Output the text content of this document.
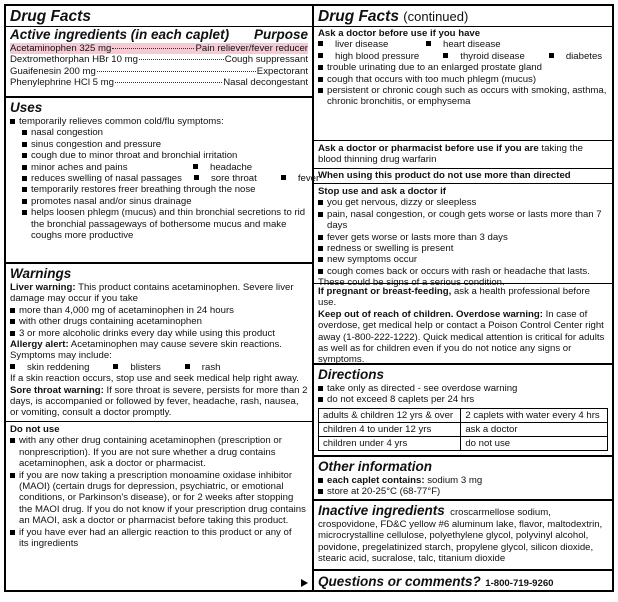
Drug Facts
Active ingredients (in each caplet) Purpose
Acetaminophen 325 mg	Pain reliever/fever reducer
Dextromethorphan HBr 10 mg	Cough suppressant
Guaifenesin 200 mg	Expectorant
Phenylephrine HCl 5 mg	Nasal decongestant
Uses

temporarily relieves common cold/flu symptoms:

nasal congestion

sinus congestion and pressure

cough due to minor throat and bronchial irritation

minor aches and pains	headache

reduces swelling of nasal passages	sore throat	fever

temporarily restores freer breathing through the nose

promotes nasal and/or sinus drainage

helps loosen phlegm (mucus) and thin bronchial secretions to rid the bronchial passageways of bothersome mucus and make coughs more productive

Warnings

Liver warning: This product contains acetaminophen. Severe liver damage may occur if you take

more than 4,000 mg of acetaminophen in 24 hours

with other drugs containing acetaminophen

3 or more alcoholic drinks every day while using this product

Allergy alert: Acetaminophen may cause severe skin reactions. Symptoms may include:

skin reddening	blisters	rash

If a skin reaction occurs, stop use and seek medical help right away.

Sore throat warning: If sore throat is severe, persists for more than 2 days, is accompanied or followed by fever, headache, rash, nausea, or vomiting, consult a doctor promptly.

Do not use

with any other drug containing acetaminophen (prescription or nonprescription). If you are not sure whether a drug contains acetaminophen, ask a doctor or pharmacist.

if you are now taking a prescription monoamine oxidase inhibitor (MAOI) (certain drugs for depression, psychiatric, or emotional conditions, or Parkinson's disease), or for 2 weeks after stopping the MAOI drug. If you do not know if your prescription drug contains an MAOI, ask a doctor or pharmacist before taking this product.

if you have ever had an allergic reaction to this product or any of its ingredients

Drug Facts (continued)

Ask a doctor before use if you have

liver disease	heart disease

high blood pressure	thyroid disease	diabetes

trouble urinating due to an enlarged prostate gland

cough that occurs with too much phlegm (mucus)

persistent or chronic cough such as occurs with smoking, asthma, chronic bronchitis, or emphysema

Ask a doctor or pharmacist before use if you are taking the blood thinning drug warfarin
When using this product do not use more than directed

Stop use and ask a doctor if

you get nervous, dizzy or sleepless

pain, nasal congestion, or cough gets worse or lasts more than 7 days

fever gets worse or lasts more than 3 days

redness or swelling is present

new symptoms occur

cough comes back or occurs with rash or headache that lasts.

These could be signs of a serious condition.

If pregnant or breast-feeding, ask a health professional before use.

Keep out of reach of children. Overdose warning: In case of overdose, get medical help or contact a Poison Control Center right away (1-800-222-1222). Quick medical attention is critical for adults as well as for children even if you do not notice any signs or symptoms.

Directions

take only as directed - see overdose warning

do not exceed 8 caplets per 24 hrs

adults & children 12 yrs & over	2 caplets with water every 4 hrs
children 4 to under 12 yrs	ask a doctor
children under 4 yrs	do not use
Other information

each caplet contains: sodium 3 mg

store at 20-25°C (68-77°F)

Inactive ingredients croscarmellose sodium, crospovidone, FD&C yellow #6 aluminum lake, flavor, maltodextrin, microcrystalline cellulose, polyethylene glycol, polyvinyl alcohol, povidone, pregelatinized starch, propylene glycol, silicon dioxide, stearic acid, sucralose, talc, titanium dioxide

Questions or comments? 1-800-719-9260
